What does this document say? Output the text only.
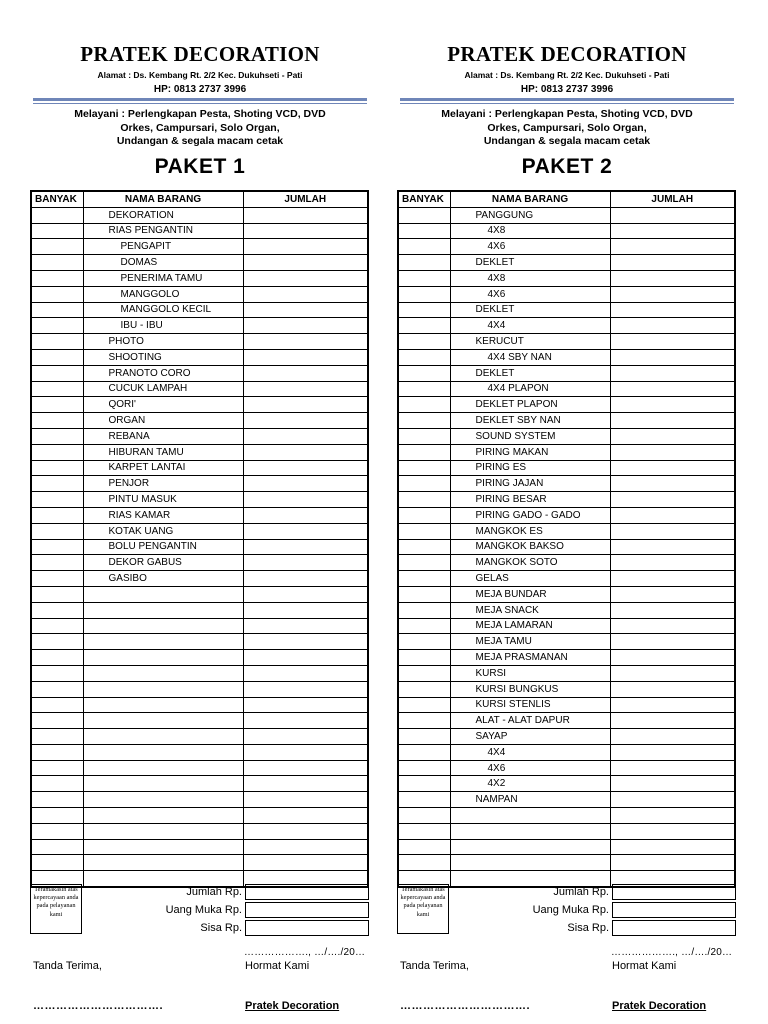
PRATEK DECORATION
Alamat : Ds. Kembang Rt. 2/2 Kec. Dukuhseti - Pati
HP: 0813 2737 3996
Melayani : Perlengkapan Pesta, Shoting VCD, DVD
Orkes, Campursari, Solo Organ,
Undangan & segala macam cetak
PAKET 1
BANYAK	NAMA BARANG	JUMLAH
	DEKORATION	
	RIAS PENGANTIN	
	PENGAPIT	
	DOMAS	
	PENERIMA TAMU	
	MANGGOLO	
	MANGGOLO KECIL	
	IBU - IBU	
	PHOTO	
	SHOOTING	
	PRANOTO CORO	
	CUCUK LAMPAH	
	QORI'	
	ORGAN	
	REBANA	
	HIBURAN TAMU	
	KARPET LANTAI	
	PENJOR	
	PINTU MASUK	
	RIAS KAMAR	
	KOTAK UANG	
	BOLU PENGANTIN	
	DEKOR GABUS	
	GASIBO	

Teramakasih atas kepercayaan anda pada pelayanan kami
Jumlah Rp.
Uang Muka Rp.
Sisa Rp.
………………., …/…./20…
Tanda Terima,	Hormat Kami
…………………………….	Pratek Decoration
PRATEK DECORATION
Alamat : Ds. Kembang Rt. 2/2 Kec. Dukuhseti - Pati
HP: 0813 2737 3996
Melayani : Perlengkapan Pesta, Shoting VCD, DVD
Orkes, Campursari, Solo Organ,
Undangan & segala macam cetak
PAKET 2
BANYAK	NAMA BARANG	JUMLAH
	PANGGUNG	
	4X8	
	4X6	
	DEKLET	
	4X8	
	4X6	
	DEKLET	
	4X4	
	KERUCUT	
	4X4 SBY NAN	
	DEKLET	
	4X4 PLAPON	
	DEKLET PLAPON	
	DEKLET SBY NAN	
	SOUND SYSTEM	
	PIRING MAKAN	
	PIRING ES	
	PIRING JAJAN	
	PIRING BESAR	
	PIRING GADO - GADO	
	MANGKOK ES	
	MANGKOK BAKSO	
	MANGKOK SOTO	
	GELAS	
	MEJA BUNDAR	
	MEJA SNACK	
	MEJA LAMARAN	
	MEJA TAMU	
	MEJA PRASMANAN	
	KURSI	
	KURSI BUNGKUS	
	KURSI STENLIS	
	ALAT - ALAT DAPUR	
	SAYAP	
	4X4	
	4X6	
	4X2	
	NAMPAN	

Teramakasih atas kepercayaan anda pada pelayanan kami
Jumlah Rp.
Uang Muka Rp.
Sisa Rp.
………………., …/…./20…
Tanda Terima,	Hormat Kami
…………………………….	Pratek Decoration
